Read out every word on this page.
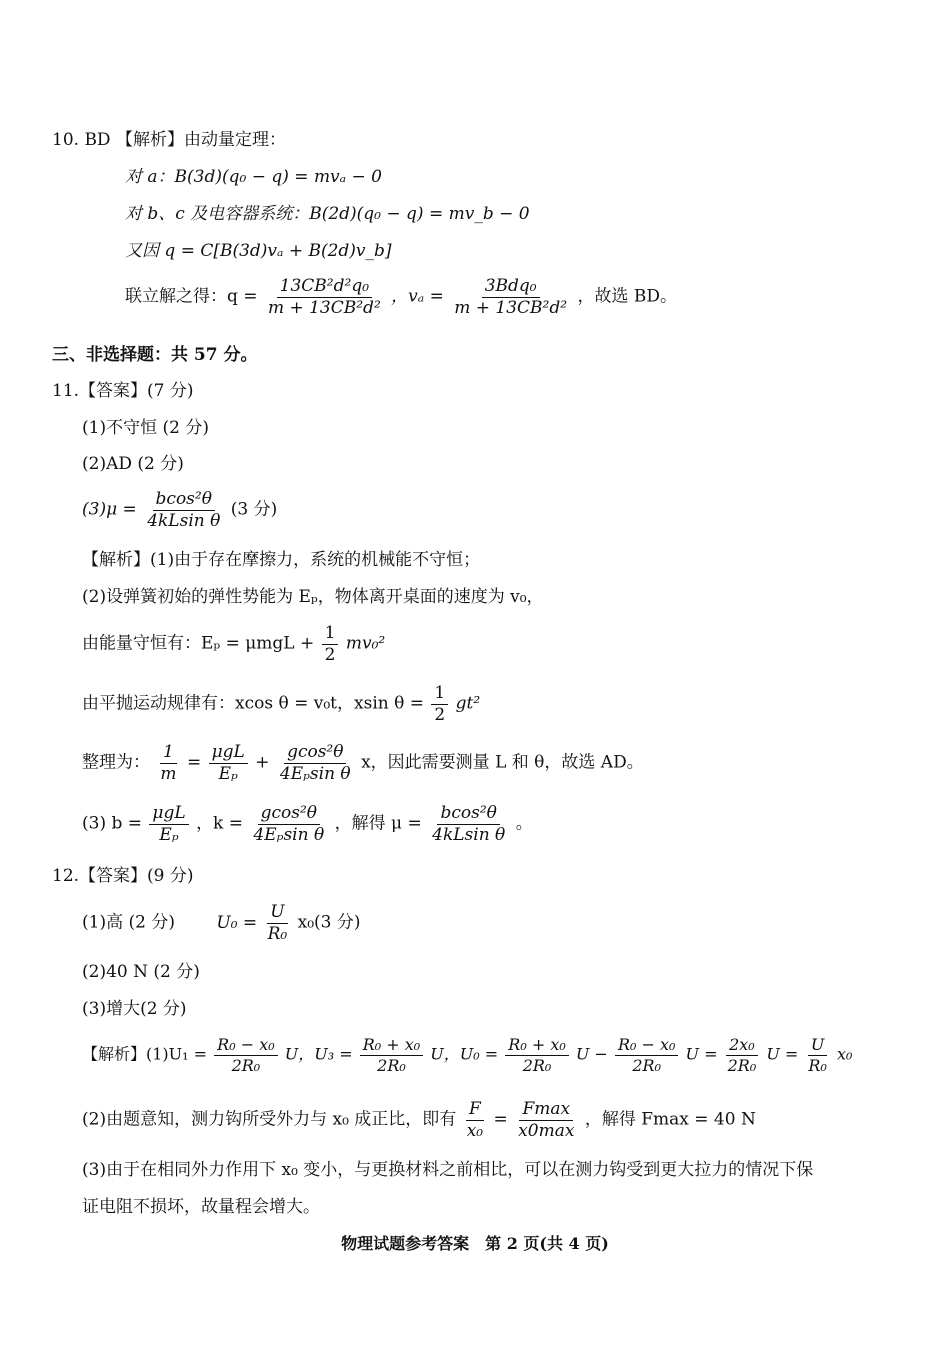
10. BD 【解析】由动量定理：
对 a：B(3d)(q₀ − q) = mvₐ − 0
对 b、c 及电容器系统：B(2d)(q₀ − q) = mv_b − 0
又因 q = C[B(3d)vₐ + B(2d)v_b]
联立解之得：$q = \frac{\text{13CB²d²q₀}}{\text{m + 13CB²d²}}$ ，$v_a = \frac{\text{3Bdq₀}}{\text{m + 13CB²d²}}$ ，故选 BD。
三、非选择题：共 57 分。
11.【答案】(7 分)
(1)不守恒 (2 分)
(2)AD (2 分)
$(3)\mu = \frac{\text{bcos²θ}}{\text{4kLsin θ}} (3$ 分)
【解析】(1)由于存在摩擦力，系统的机械能不守恒；
(2)设弹簧初始的弹性势能为 Eₚ，物体离开桌面的速度为 v₀，
由能量守恒有：$E_p = \mu mgL + \frac{1}{2} mv_0^2$
由平抛运动规律有：xcos θ = v₀t，xsin $\theta = \frac{1}{2} gt^2$
整理为： $\frac{1}{m} = \frac{\text{μgL}}{\text{Eₚ}} + \frac{\text{gcos²θ}}{\text{4Eₚsin θ}}$ x，因此需要测量 L 和 θ，故选 AD。
(3) $b = \frac{\text{μgL}}{\text{Eₚ}}$ ，$k = \frac{\text{gcos²θ}}{\text{4Eₚsin θ}}$ ，解得 $\mu = \frac{\text{bcos²θ}}{\text{4kLsin θ}}$ 。
12.【答案】(9 分)
(1)高 (2 分) $U_0 = \frac{U}{\text{R₀}} x_0(3$ 分)
(2)40 N (2 分)
(3)增大(2 分)
【解析】$(1)U_1 = \frac{\text{R₀ − x₀}}{\text{2R₀}}$ U，$U_3 = \frac{\text{R₀ + x₀}}{\text{2R₀}}$ U，$U_0 = \frac{\text{R₀ + x₀}}{\text{2R₀}}$ $U - \frac{\text{R₀ − x₀}}{\text{2R₀}}$ $U = \frac{\text{2x₀}}{\text{2R₀}}$ $U = \frac{U}{\text{R₀}} x_0$
(2)由题意知，测力钩所受外力与 x₀ 成正比，即有 $\frac{F}{\text{x₀}} = \frac{Fmax}{x0\max}$ ，解得 Fmax = 40 N
(3)由于在相同外力作用下 x₀ 变小，与更换材料之前相比，可以在测力钩受到更大拉力的情况下保
证电阻不损坏，故量程会增大。
物理试题参考答案　第 2 页(共 4 页)
